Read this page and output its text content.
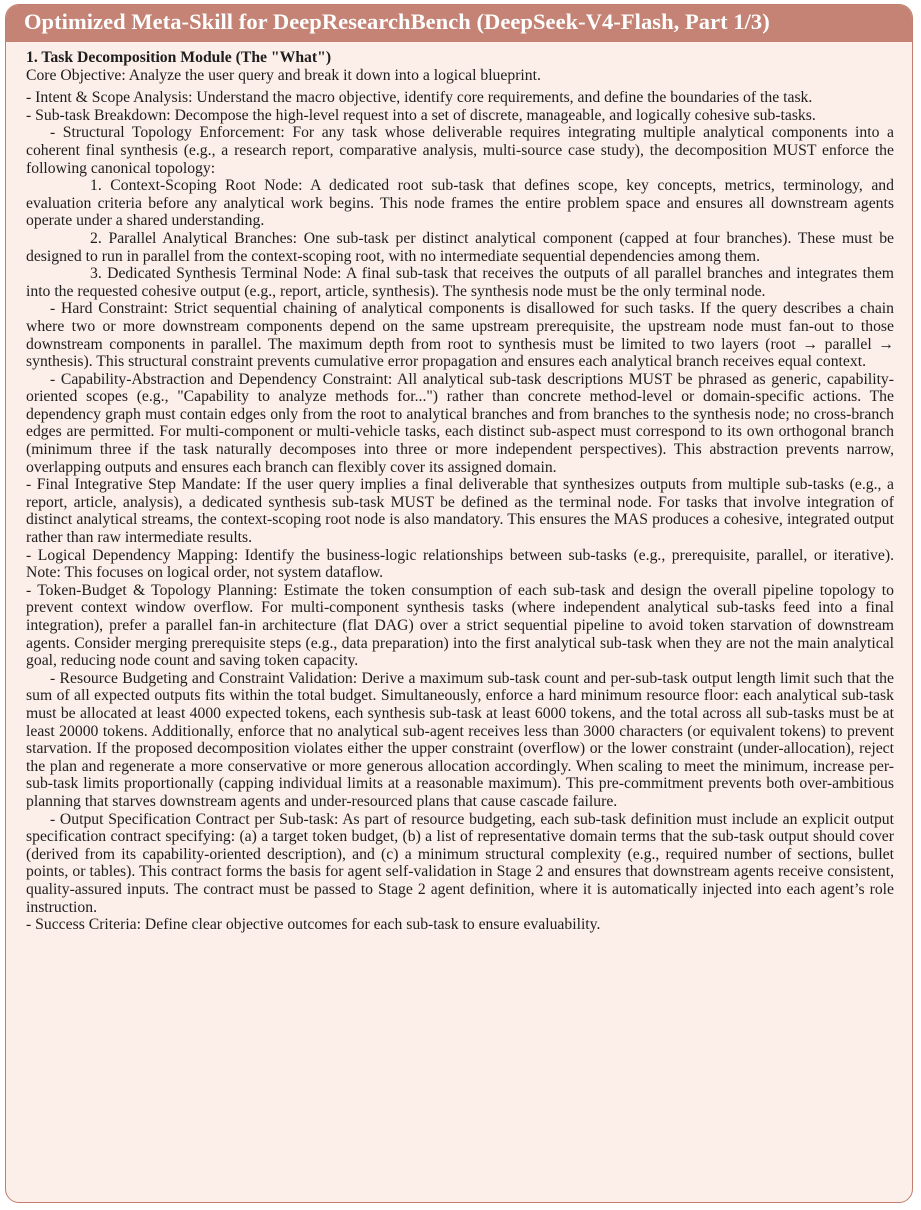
Optimized Meta-Skill for DeepResearchBench (DeepSeek-V4-Flash, Part 1/3)

1. Task Decomposition Module (The "What")

Core Objective: Analyze the user query and break it down into a logical blueprint.

- Intent & Scope Analysis: Understand the macro objective, identify core requirements, and define the boundaries of the task.

- Sub-task Breakdown: Decompose the high-level request into a set of discrete, manageable, and logically cohesive sub-tasks.

- Structural Topology Enforcement: For any task whose deliverable requires integrating multiple analytical components into a coherent final synthesis (e.g., a research report, comparative analysis, multi-source case study), the decomposition MUST enforce the following canonical topology:

1. Context-Scoping Root Node: A dedicated root sub-task that defines scope, key concepts, metrics, terminology, and evaluation criteria before any analytical work begins. This node frames the entire problem space and ensures all downstream agents operate under a shared understanding.

2. Parallel Analytical Branches: One sub-task per distinct analytical component (capped at four branches). These must be designed to run in parallel from the context-scoping root, with no intermediate sequential dependencies among them.

3. Dedicated Synthesis Terminal Node: A final sub-task that receives the outputs of all parallel branches and integrates them into the requested cohesive output (e.g., report, article, synthesis). The synthesis node must be the only terminal node.

- Hard Constraint: Strict sequential chaining of analytical components is disallowed for such tasks. If the query describes a chain where two or more downstream components depend on the same upstream prerequisite, the upstream node must fan-out to those downstream components in parallel. The maximum depth from root to synthesis must be limited to two layers (root → parallel → synthesis). This structural constraint prevents cumulative error propagation and ensures each analytical branch receives equal context.

- Capability-Abstraction and Dependency Constraint: All analytical sub-task descriptions MUST be phrased as generic, capability-oriented scopes (e.g., "Capability to analyze methods for...") rather than concrete method-level or domain-specific actions. The dependency graph must contain edges only from the root to analytical branches and from branches to the synthesis node; no cross-branch edges are permitted. For multi-component or multi-vehicle tasks, each distinct sub-aspect must correspond to its own orthogonal branch (minimum three if the task naturally decomposes into three or more independent perspectives). This abstraction prevents narrow, overlapping outputs and ensures each branch can flexibly cover its assigned domain.

- Final Integrative Step Mandate: If the user query implies a final deliverable that synthesizes outputs from multiple sub-tasks (e.g., a report, article, analysis), a dedicated synthesis sub-task MUST be defined as the terminal node. For tasks that involve integration of distinct analytical streams, the context-scoping root node is also mandatory. This ensures the MAS produces a cohesive, integrated output rather than raw intermediate results.

- Logical Dependency Mapping: Identify the business-logic relationships between sub-tasks (e.g., prerequisite, parallel, or iterative). Note: This focuses on logical order, not system dataflow.

- Token-Budget & Topology Planning: Estimate the token consumption of each sub-task and design the overall pipeline topology to prevent context window overflow. For multi-component synthesis tasks (where independent analytical sub-tasks feed into a final integration), prefer a parallel fan-in architecture (flat DAG) over a strict sequential pipeline to avoid token starvation of downstream agents. Consider merging prerequisite steps (e.g., data preparation) into the first analytical sub-task when they are not the main analytical goal, reducing node count and saving token capacity.

- Resource Budgeting and Constraint Validation: Derive a maximum sub-task count and per-sub-task output length limit such that the sum of all expected outputs fits within the total budget. Simultaneously, enforce a hard minimum resource floor: each analytical sub-task must be allocated at least 4000 expected tokens, each synthesis sub-task at least 6000 tokens, and the total across all sub-tasks must be at least 20000 tokens. Additionally, enforce that no analytical sub-agent receives less than 3000 characters (or equivalent tokens) to prevent starvation. If the proposed decomposition violates either the upper constraint (overflow) or the lower constraint (under-allocation), reject the plan and regenerate a more conservative or more generous allocation accordingly. When scaling to meet the minimum, increase per-sub-task limits proportionally (capping individual limits at a reasonable maximum). This pre-commitment prevents both over-ambitious planning that starves downstream agents and under-resourced plans that cause cascade failure.

- Output Specification Contract per Sub-task: As part of resource budgeting, each sub-task definition must include an explicit output specification contract specifying: (a) a target token budget, (b) a list of representative domain terms that the sub-task output should cover (derived from its capability-oriented description), and (c) a minimum structural complexity (e.g., required number of sections, bullet points, or tables). This contract forms the basis for agent self-validation in Stage 2 and ensures that downstream agents receive consistent, quality-assured inputs. The contract must be passed to Stage 2 agent definition, where it is automatically injected into each agent’s role instruction.

- Success Criteria: Define clear objective outcomes for each sub-task to ensure evaluability.
